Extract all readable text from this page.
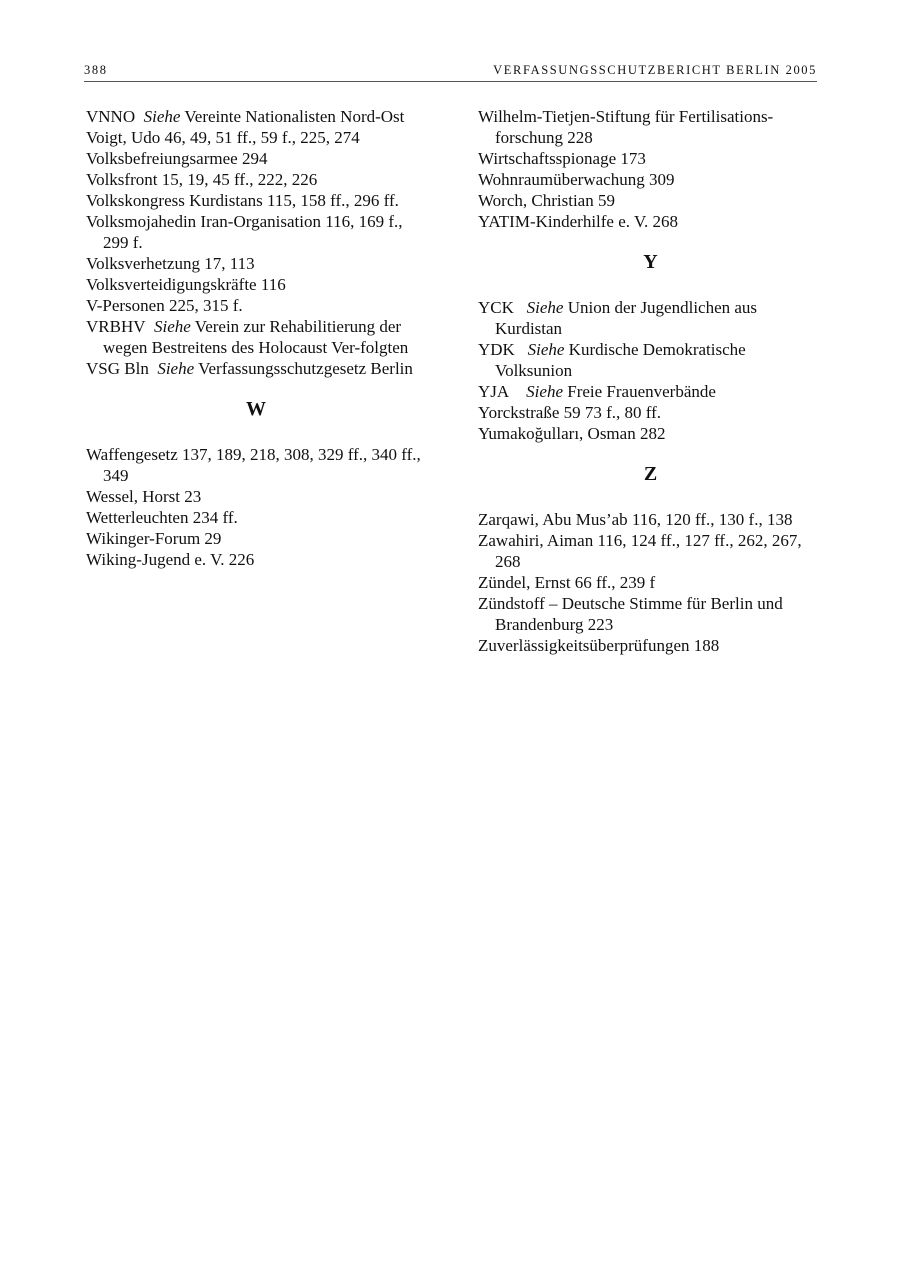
388	VERFASSUNGSSCHUTZBERICHT BERLIN 2005
VNNO Siehe Vereinte Nationalisten Nord-Ost
Voigt, Udo 46, 49, 51 ff., 59 f., 225, 274
Volksbefreiungsarmee 294
Volksfront 15, 19, 45 ff., 222, 226
Volkskongress Kurdistans 115, 158 ff., 296 ff.
Volksmojahedin Iran-Organisation 116, 169 f., 299 f.
Volksverhetzung 17, 113
Volksverteidigungskräfte 116
V-Personen 225, 315 f.
VRBHV Siehe Verein zur Rehabilitierung der wegen Bestreitens des Holocaust Ver-folgten
VSG Bln Siehe Verfassungsschutzgesetz Berlin
W
Waffengesetz 137, 189, 218, 308, 329 ff., 340 ff., 349
Wessel, Horst 23
Wetterleuchten 234 ff.
Wikinger-Forum 29
Wiking-Jugend e. V. 226
Wilhelm-Tietjen-Stiftung für Fertilisations-forschung 228
Wirtschaftsspionage 173
Wohnraumüberwachung 309
Worch, Christian 59
YATIM-Kinderhilfe e. V. 268
Y
YCK Siehe Union der Jugendlichen aus Kurdistan
YDK Siehe Kurdische Demokratische Volksunion
YJA Siehe Freie Frauenverbände
Yorckstraße 59 73 f., 80 ff.
Yumakoğulları, Osman 282
Z
Zarqawi, Abu Mus’ab 116, 120 ff., 130 f., 138
Zawahiri, Aiman 116, 124 ff., 127 ff., 262, 267, 268
Zündel, Ernst 66 ff., 239 f
Zündstoff – Deutsche Stimme für Berlin und Brandenburg 223
Zuverlässigkeitsüberprüfungen 188
